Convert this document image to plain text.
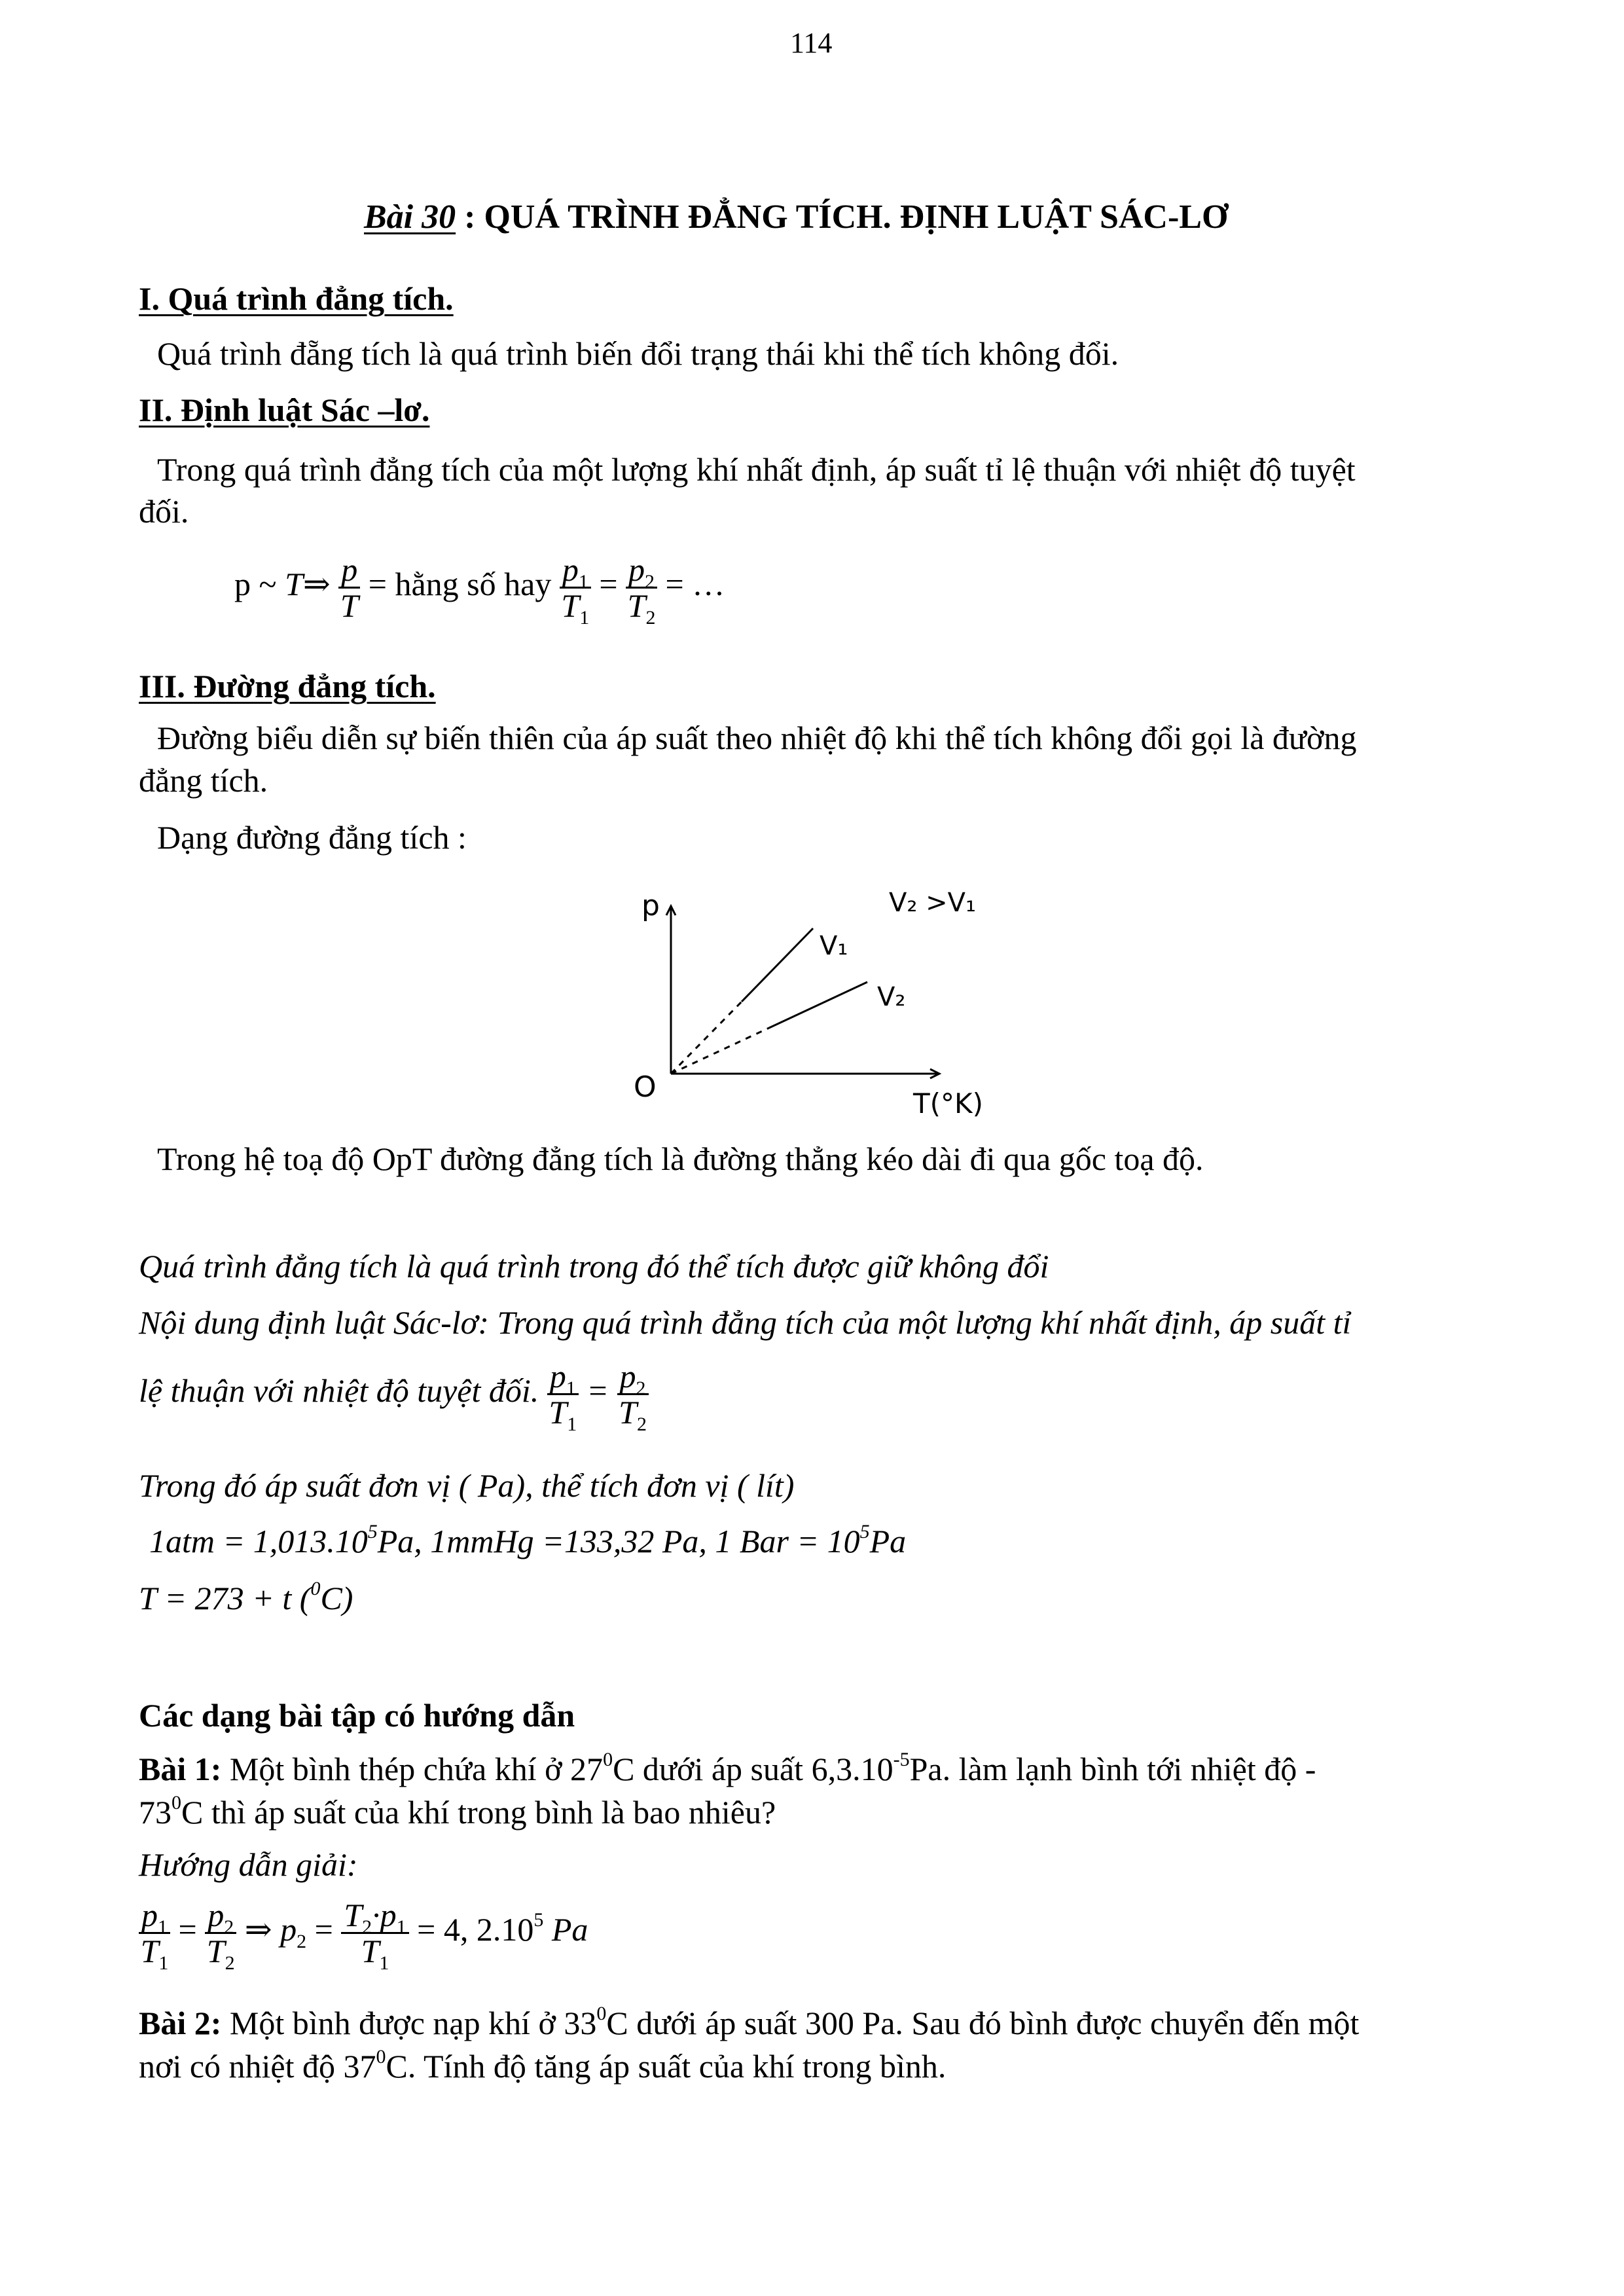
114
Bài 30 : QUÁ TRÌNH ĐẲNG TÍCH. ĐỊNH LUẬT SÁC-LƠ
I. Quá trình đẳng tích.
Quá trình đẵng tích là quá trình biến đổi trạng thái khi thể tích không đổi.
II. Định luật Sác –lơ.
Trong quá trình đẳng tích của một lượng khí nhất định, áp suất tỉ lệ thuận với nhiệt độ tuyệt
đối.
p ~ T⇒ $\frac{p}{T}$ = hằng số hay $\frac{p_1}{T_1} = \frac{p_2}{T_2}$ = …
III. Đường đẳng tích.
Đường biểu diễn sự biến thiên của áp suất theo nhiệt độ khi thể tích không đổi gọi là đường
đẳng tích.
Dạng đường đẳng tích :
p
O	T(°K)
V₂ >V₁
V₁
V₂
Trong hệ toạ độ OpT đường đẳng tích là đường thẳng kéo dài đi qua gốc toạ độ.
Quá trình đẳng tích là quá trình trong đó thể tích được giữ không đổi
Nội dung định luật Sác-lơ: Trong quá trình đẳng tích của một lượng khí nhất định, áp suất tỉ
lệ thuận với nhiệt độ tuyệt đối. $\frac{p_1}{T_1} = \frac{p_2}{T_2}$
Trong đó áp suất đơn vị ( Pa), thể tích đơn vị ( lít)
$1atm = 1,013.10^5Pa$, 1mmHg =133,32 Pa, 1 Bar = $10^5Pa$
T = 273 + t ($^0$C)
Các dạng bài tập có hướng dẫn
Bài 1: Một bình thép chứa khí ở $27^0C$ dưới áp suất $6,3.10^{-5}Pa$. làm lạnh bình tới nhiệt độ -
$73^0C$ thì áp suất của khí trong bình là bao nhiêu?
Hướng dẫn giải:
$\frac{p_1}{T_1} = \frac{p_2}{T_2}$ ⇒ $p_2 = \frac{T_2\cdot p_1}{T_1} = 4$, 2.10$^5$ Pa
Bài 2: Một bình được nạp khí ở $33^0C$ dưới áp suất 300 Pa. Sau đó bình được chuyển đến một
nơi có nhiệt độ $37^0C$. Tính độ tăng áp suất của khí trong bình.
